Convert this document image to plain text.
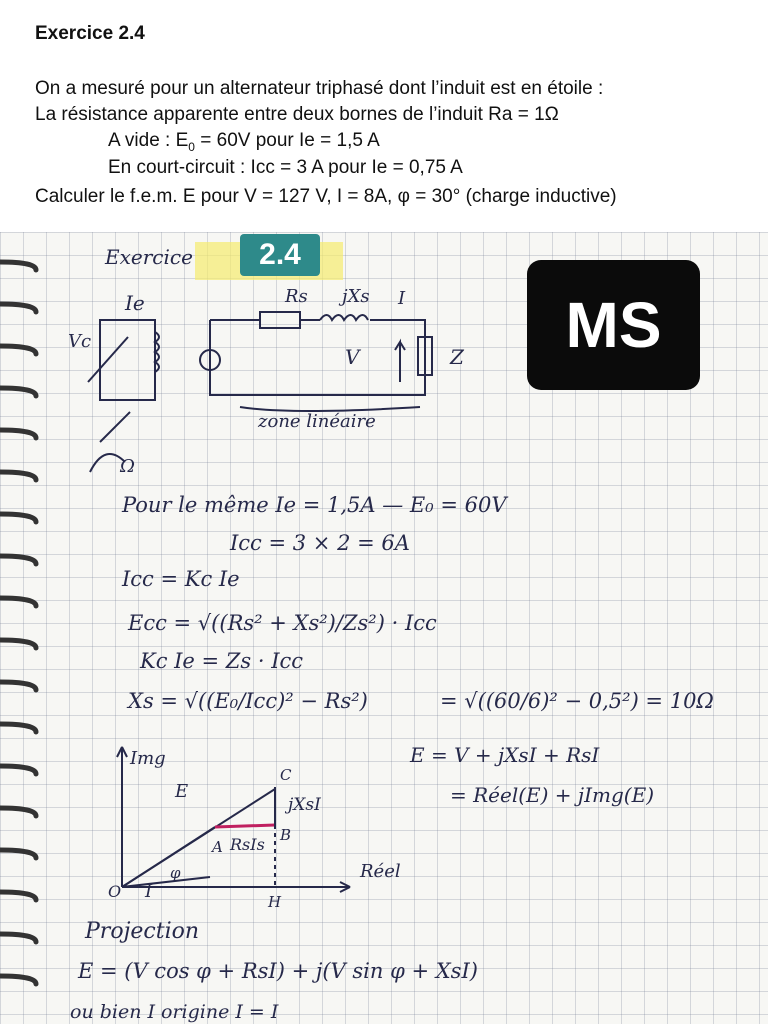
Exercice 2.4
On a mesuré pour un alternateur triphasé dont l’induit est en étoile :
La résistance apparente entre deux bornes de l’induit Ra = 1Ω
A vide : $E_0 = 60V$ pour Ie = 1,5 A
En court-circuit : Icc = 3 A pour Ie = 0,75 A
Calculer le f.e.m. E pour V = 127 V, I = 8A, φ = 30° (charge inductive)
2.4
MS
Exercice
Ie
Vc
Rs jXs I
V	Z
zone linéaire
Ω
Pour le même Ie = 1,5A — E₀ = 60V
Icc = 3 × 2 = 6A
Icc = Kc Ie
Ecc = √((Rs² + Xs²)/Zs²) · Icc
Kc Ie = Zs · Icc
Xs = √((E₀/Icc)² − Rs²)	= √((60/6)² − 0,5²) = 10Ω
Img
Réel
E
jXsI
RsIs
A
B
C
H
O I
φ
E = V + jXsI + RsI
= Réel(E) + jImg(E)
Projection
E = (V cos φ + RsI) + j(V sin φ + XsI)
ou bien I origine I = I
